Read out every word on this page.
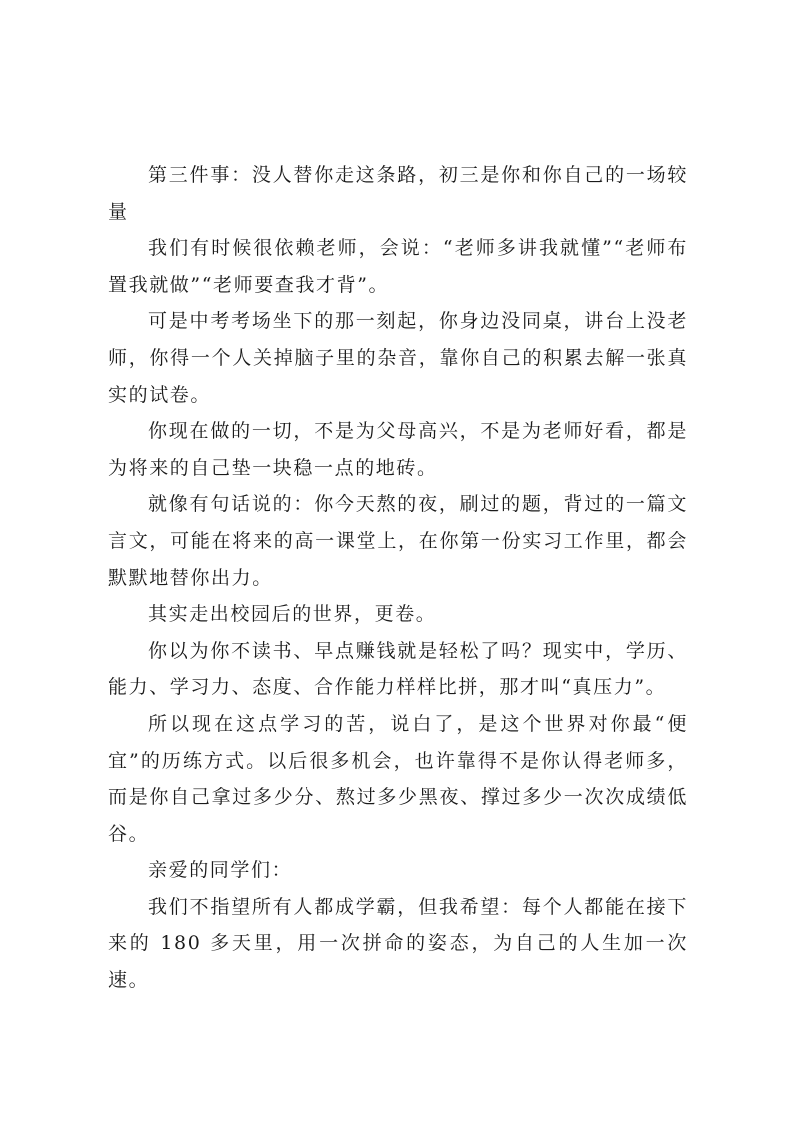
第三件事：没人替你走这条路，初三是你和你自己的一场较量

我们有时候很依赖老师，会说：“老师多讲我就懂”“老师布置我就做”“老师要查我才背”。

可是中考考场坐下的那一刻起，你身边没同桌，讲台上没老师，你得一个人关掉脑子里的杂音，靠你自己的积累去解一张真实的试卷。

你现在做的一切，不是为父母高兴，不是为老师好看，都是为将来的自己垫一块稳一点的地砖。

就像有句话说的：你今天熬的夜，刷过的题，背过的一篇文言文，可能在将来的高一课堂上，在你第一份实习工作里，都会默默地替你出力。

其实走出校园后的世界，更卷。

你以为你不读书、早点赚钱就是轻松了吗？现实中，学历、能力、学习力、态度、合作能力样样比拼，那才叫“真压力”。

所以现在这点学习的苦，说白了，是这个世界对你最“便宜”的历练方式。以后很多机会，也许靠得不是你认得老师多，而是你自己拿过多少分、熬过多少黑夜、撑过多少一次次成绩低谷。

亲爱的同学们：

我们不指望所有人都成学霸，但我希望：每个人都能在接下来的 180 多天里，用一次拼命的姿态，为自己的人生加一次速。
